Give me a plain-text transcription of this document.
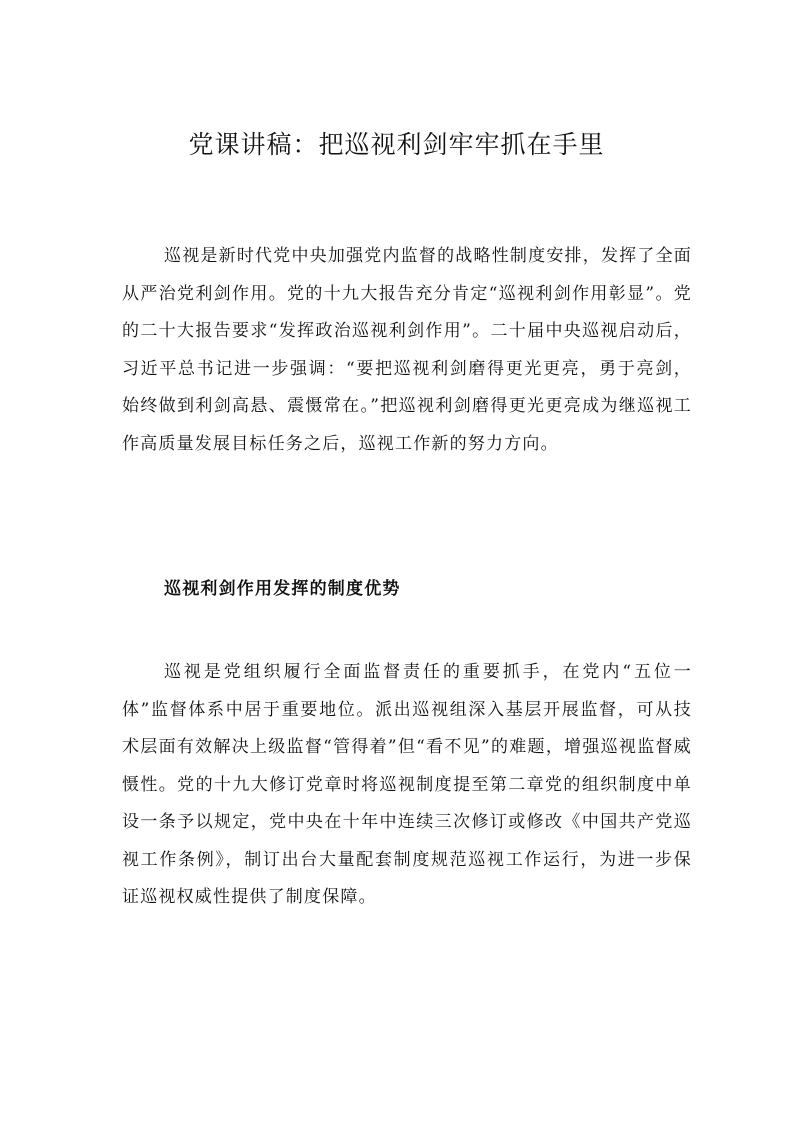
党课讲稿：把巡视利剑牢牢抓在手里

巡视是新时代党中央加强党内监督的战略性制度安排，发挥了全面从严治党利剑作用。党的十九大报告充分肯定“巡视利剑作用彰显”。党的二十大报告要求“发挥政治巡视利剑作用”。二十届中央巡视启动后，习近平总书记进一步强调：“要把巡视利剑磨得更光更亮，勇于亮剑，始终做到利剑高悬、震慑常在。”把巡视利剑磨得更光更亮成为继巡视工作高质量发展目标任务之后，巡视工作新的努力方向。

巡视利剑作用发挥的制度优势

巡视是党组织履行全面监督责任的重要抓手，在党内“五位一体”监督体系中居于重要地位。派出巡视组深入基层开展监督，可从技术层面有效解决上级监督“管得着”但“看不见”的难题，增强巡视监督威慑性。党的十九大修订党章时将巡视制度提至第二章党的组织制度中单设一条予以规定，党中央在十年中连续三次修订或修改《中国共产党巡视工作条例》，制订出台大量配套制度规范巡视工作运行，为进一步保证巡视权威性提供了制度保障。
